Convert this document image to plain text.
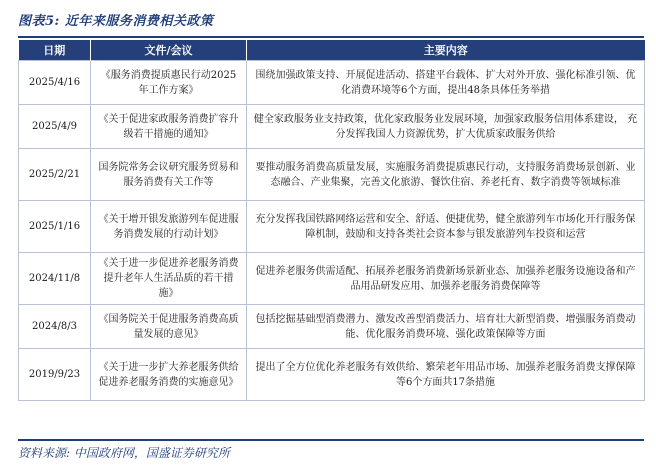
图表5: 近年来服务消费相关政策
日期	文件/会议	主要内容
2025/4/16	《服务消费提质惠民行动2025年工作方案》	围绕加强政策支持、开展促进活动、搭建平台载体、扩大对外开放、强化标准引领、优化消费环境等6个方面，提出48条具体任务举措
2025/4/9	《关于促进家政服务消费扩容升级若干措施的通知》	健全家政服务业支持政策，优化家政服务业发展环境，加强家政服务信用体系建设， 充分发挥我国人力资源优势，扩大优质家政服务供给
2025/2/21	国务院常务会议研究服务贸易和服务消费有关工作等	要推动服务消费高质量发展，实施服务消费提质惠民行动，支持服务消费场景创新、业态融合、产业集聚，完善文化旅游、餐饮住宿、养老托育、数字消费等领域标准
2025/1/16	《关于增开银发旅游列车促进服务消费发展的行动计划》	充分发挥我国铁路网络运营和安全、舒适、便捷优势，健全旅游列车市场化开行服务保障机制，鼓励和支持各类社会资本参与银发旅游列车投资和运营
2024/11/8	《关于进一步促进养老服务消费提升老年人生活品质的若干措施》	促进养老服务供需适配、拓展养老服务消费新场景新业态、加强养老服务设施设备和产品用品研发应用、加强养老服务消费保障等
2024/8/3	《国务院关于促进服务消费高质量发展的意见》	包括挖掘基础型消费潜力、激发改善型消费活力、培育壮大新型消费、增强服务消费动能、优化服务消费环境、强化政策保障等方面
2019/9/23	《关于进一步扩大养老服务供给促进养老服务消费的实施意见》	提出了全方位优化养老服务有效供给、繁荣老年用品市场、加强养老服务消费支撑保障等6个方面共17条措施
资料来源: 中国政府网，国盛证券研究所
